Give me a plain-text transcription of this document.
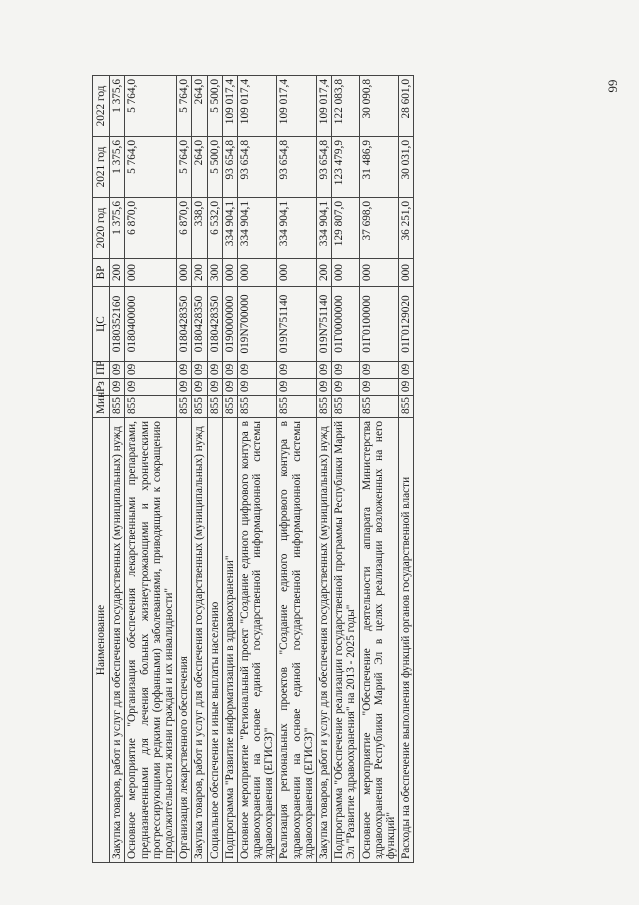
66
Наименование	Мин	Рз	ПР	ЦС	ВР	2020 год	2021 год	2022 год
Закупка товаров, работ и услуг для обеспечения государственных (муниципальных) нужд	855	09	09	0180352160	200	1 375,6	1 375,6	1 375,6
Основное мероприятие "Организация обеспечения лекарственными препаратами, предназначенными для лечения больных жизнеугрожающими и хроническими прогрессирующими редкими (орфанными) заболеваниями, приводящими к сокращению продолжительности жизни граждан и их инвалидности"	855	09	09	0180400000	000	6 870,0	5 764,0	5 764,0
Организация лекарственного обеспечения	855	09	09	0180428350	000	6 870,0	5 764,0	5 764,0
Закупка товаров, работ и услуг для обеспечения государственных (муниципальных) нужд	855	09	09	0180428350	200	338,0	264,0	264,0
Социальное обеспечение и иные выплаты населению	855	09	09	0180428350	300	6 532,0	5 500,0	5 500,0
Подпрограмма "Развитие информатизации в здравоохранении"	855	09	09	0190000000	000	334 904,1	93 654,8	109 017,4
Основное мероприятие "Региональный проект "Создание единого цифрового контура в здравоохранении на основе единой государственной информационной системы здравоохранения (ЕГИСЗ)"	855	09	09	019N700000	000	334 904,1	93 654,8	109 017,4
Реализация региональных проектов "Создание единого цифрового контура в здравоохранении на основе единой государственной информационной системы здравоохранения (ЕГИСЗ)"	855	09	09	019N751140	000	334 904,1	93 654,8	109 017,4
Закупка товаров, работ и услуг для обеспечения государственных (муниципальных) нужд	855	09	09	019N751140	200	334 904,1	93 654,8	109 017,4
Подпрограмма "Обеспечение реализации государственной программы Республики Марий Эл "Развитие здравоохранения" на 2013 - 2025 годы"	855	09	09	01Г0000000	000	129 807,0	123 479,9	122 083,8
Основное мероприятие "Обеспечение деятельности аппарата Министерства здравоохранения Республики Марий Эл в целях реализации возложенных на него функций"	855	09	09	01Г0100000	000	37 698,0	31 486,9	30 090,8
Расходы на обеспечение выполнения функций органов государственной власти	855	09	09	01Г0129020	000	36 251,0	30 031,0	28 601,0
